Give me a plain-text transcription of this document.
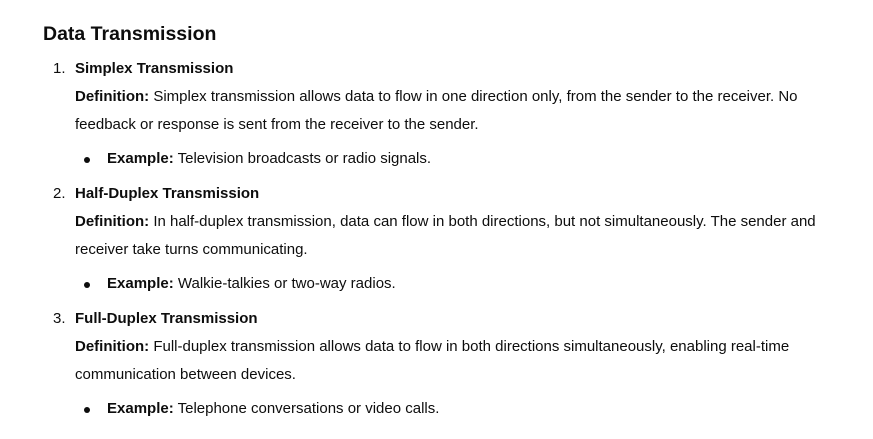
Data Transmission
1. Simplex Transmission

Definition: Simplex transmission allows data to flow in one direction only, from the sender to the receiver. No feedback or response is sent from the receiver to the sender.

Example: Television broadcasts or radio signals.
2. Half-Duplex Transmission

Definition: In half-duplex transmission, data can flow in both directions, but not simultaneously. The sender and receiver take turns communicating.

Example: Walkie-talkies or two-way radios.
3. Full-Duplex Transmission

Definition: Full-duplex transmission allows data to flow in both directions simultaneously, enabling real-time communication between devices.

Example: Telephone conversations or video calls.
